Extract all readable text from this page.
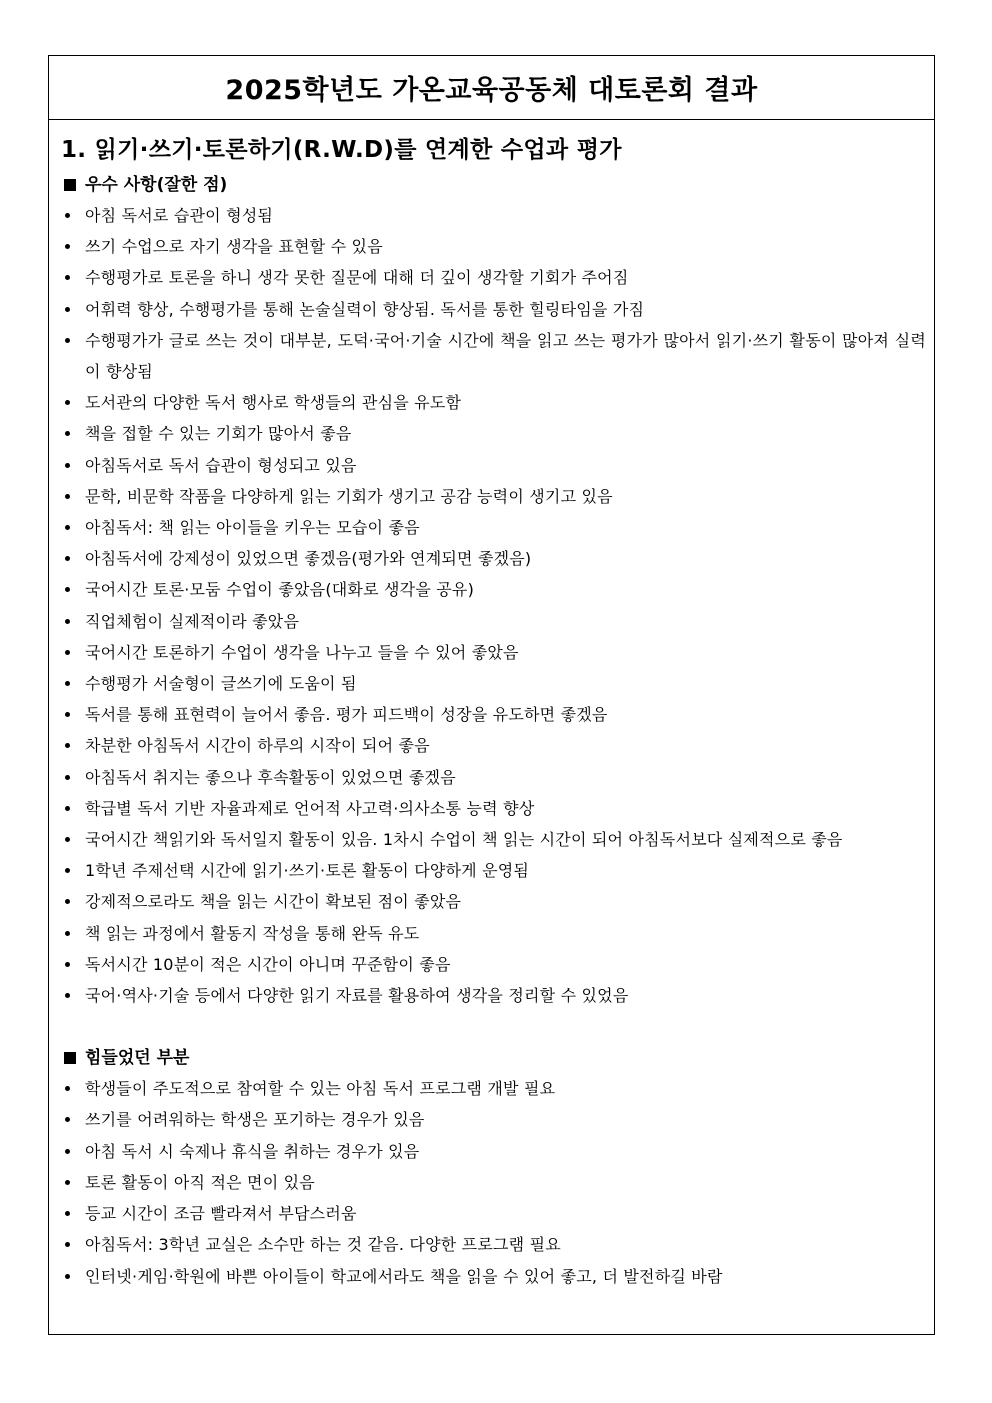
2025학년도 가온교육공동체 대토론회 결과
1. 읽기·쓰기·토론하기(R.W.D)를 연계한 수업과 평가
우수 사항(잘한 점)
아침 독서로 습관이 형성됨
쓰기 수업으로 자기 생각을 표현할 수 있음
수행평가로 토론을 하니 생각 못한 질문에 대해 더 깊이 생각할 기회가 주어짐
어휘력 향상, 수행평가를 통해 논술실력이 향상됨. 독서를 통한 힐링타임을 가짐
수행평가가 글로 쓰는 것이 대부분, 도덕·국어·기술 시간에 책을 읽고 쓰는 평가가 많아서 읽기·쓰기 활동이 많아져 실력이 향상됨
도서관의 다양한 독서 행사로 학생들의 관심을 유도함
책을 접할 수 있는 기회가 많아서 좋음
아침독서로 독서 습관이 형성되고 있음
문학, 비문학 작품을 다양하게 읽는 기회가 생기고 공감 능력이 생기고 있음
아침독서: 책 읽는 아이들을 키우는 모습이 좋음
아침독서에 강제성이 있었으면 좋겠음(평가와 연계되면 좋겠음)
국어시간 토론·모둠 수업이 좋았음(대화로 생각을 공유)
직업체험이 실제적이라 좋았음
국어시간 토론하기 수업이 생각을 나누고 들을 수 있어 좋았음
수행평가 서술형이 글쓰기에 도움이 됨
독서를 통해 표현력이 늘어서 좋음. 평가 피드백이 성장을 유도하면 좋겠음
차분한 아침독서 시간이 하루의 시작이 되어 좋음
아침독서 취지는 좋으나 후속활동이 있었으면 좋겠음
학급별 독서 기반 자율과제로 언어적 사고력·의사소통 능력 향상
국어시간 책읽기와 독서일지 활동이 있음. 1차시 수업이 책 읽는 시간이 되어 아침독서보다 실제적으로 좋음
1학년 주제선택 시간에 읽기·쓰기·토론 활동이 다양하게 운영됨
강제적으로라도 책을 읽는 시간이 확보된 점이 좋았음
책 읽는 과정에서 활동지 작성을 통해 완독 유도
독서시간 10분이 적은 시간이 아니며 꾸준함이 좋음
국어·역사·기술 등에서 다양한 읽기 자료를 활용하여 생각을 정리할 수 있었음
힘들었던 부분
학생들이 주도적으로 참여할 수 있는 아침 독서 프로그램 개발 필요
쓰기를 어려워하는 학생은 포기하는 경우가 있음
아침 독서 시 숙제나 휴식을 취하는 경우가 있음
토론 활동이 아직 적은 면이 있음
등교 시간이 조금 빨라져서 부담스러움
아침독서: 3학년 교실은 소수만 하는 것 같음. 다양한 프로그램 필요
인터넷·게임·학원에 바쁜 아이들이 학교에서라도 책을 읽을 수 있어 좋고, 더 발전하길 바람
